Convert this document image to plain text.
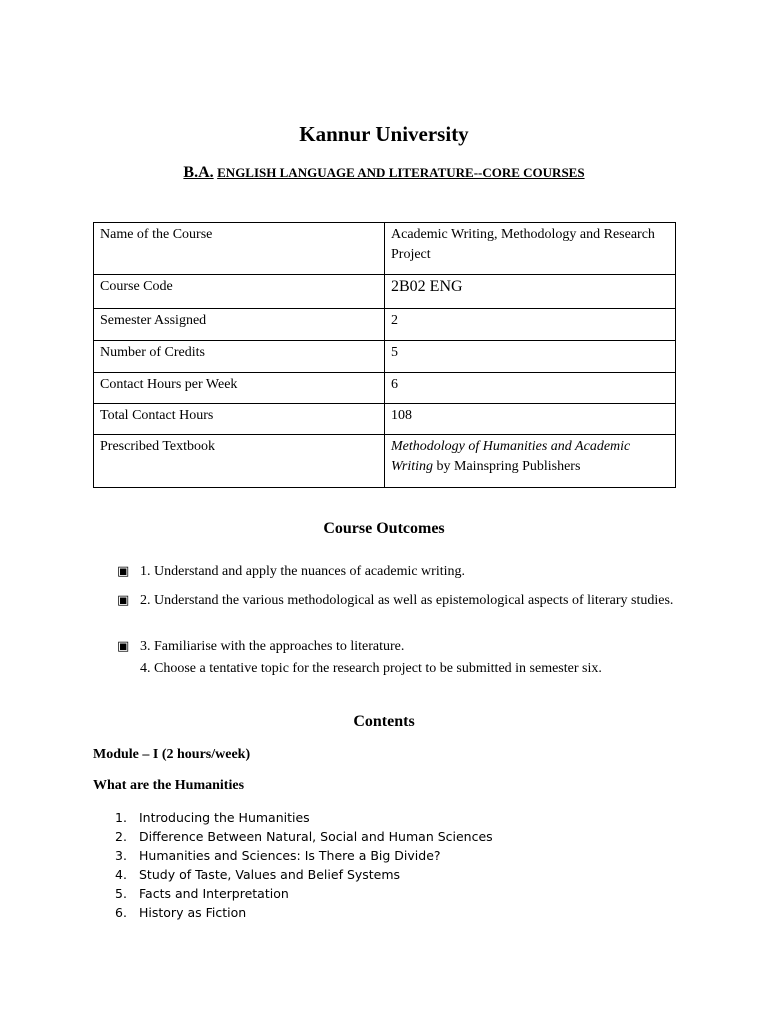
Kannur University
B.A. ENGLISH LANGUAGE AND LITERATURE--CORE COURSES
Name of the Course	Academic Writing, Methodology and Research Project
Course Code	2B02 ENG
Semester Assigned	2
Number of Credits	5
Contact Hours per Week	6
Total Contact Hours	108
Prescribed Textbook	Methodology of Humanities and Academic Writing by Mainspring Publishers
Course Outcomes
▣ 1. Understand and apply the nuances of academic writing.
▣ 2. Understand the various methodological as well as epistemological aspects of literary studies.
▣ 3. Familiarise with the approaches to literature.
4. Choose a tentative topic for the research project to be submitted in semester six.
Contents
Module – I (2 hours/week)
What are the Humanities
1. Introducing the Humanities
2. Difference Between Natural, Social and Human Sciences
3. Humanities and Sciences: Is There a Big Divide?
4. Study of Taste, Values and Belief Systems
5. Facts and Interpretation
6. History as Fiction
